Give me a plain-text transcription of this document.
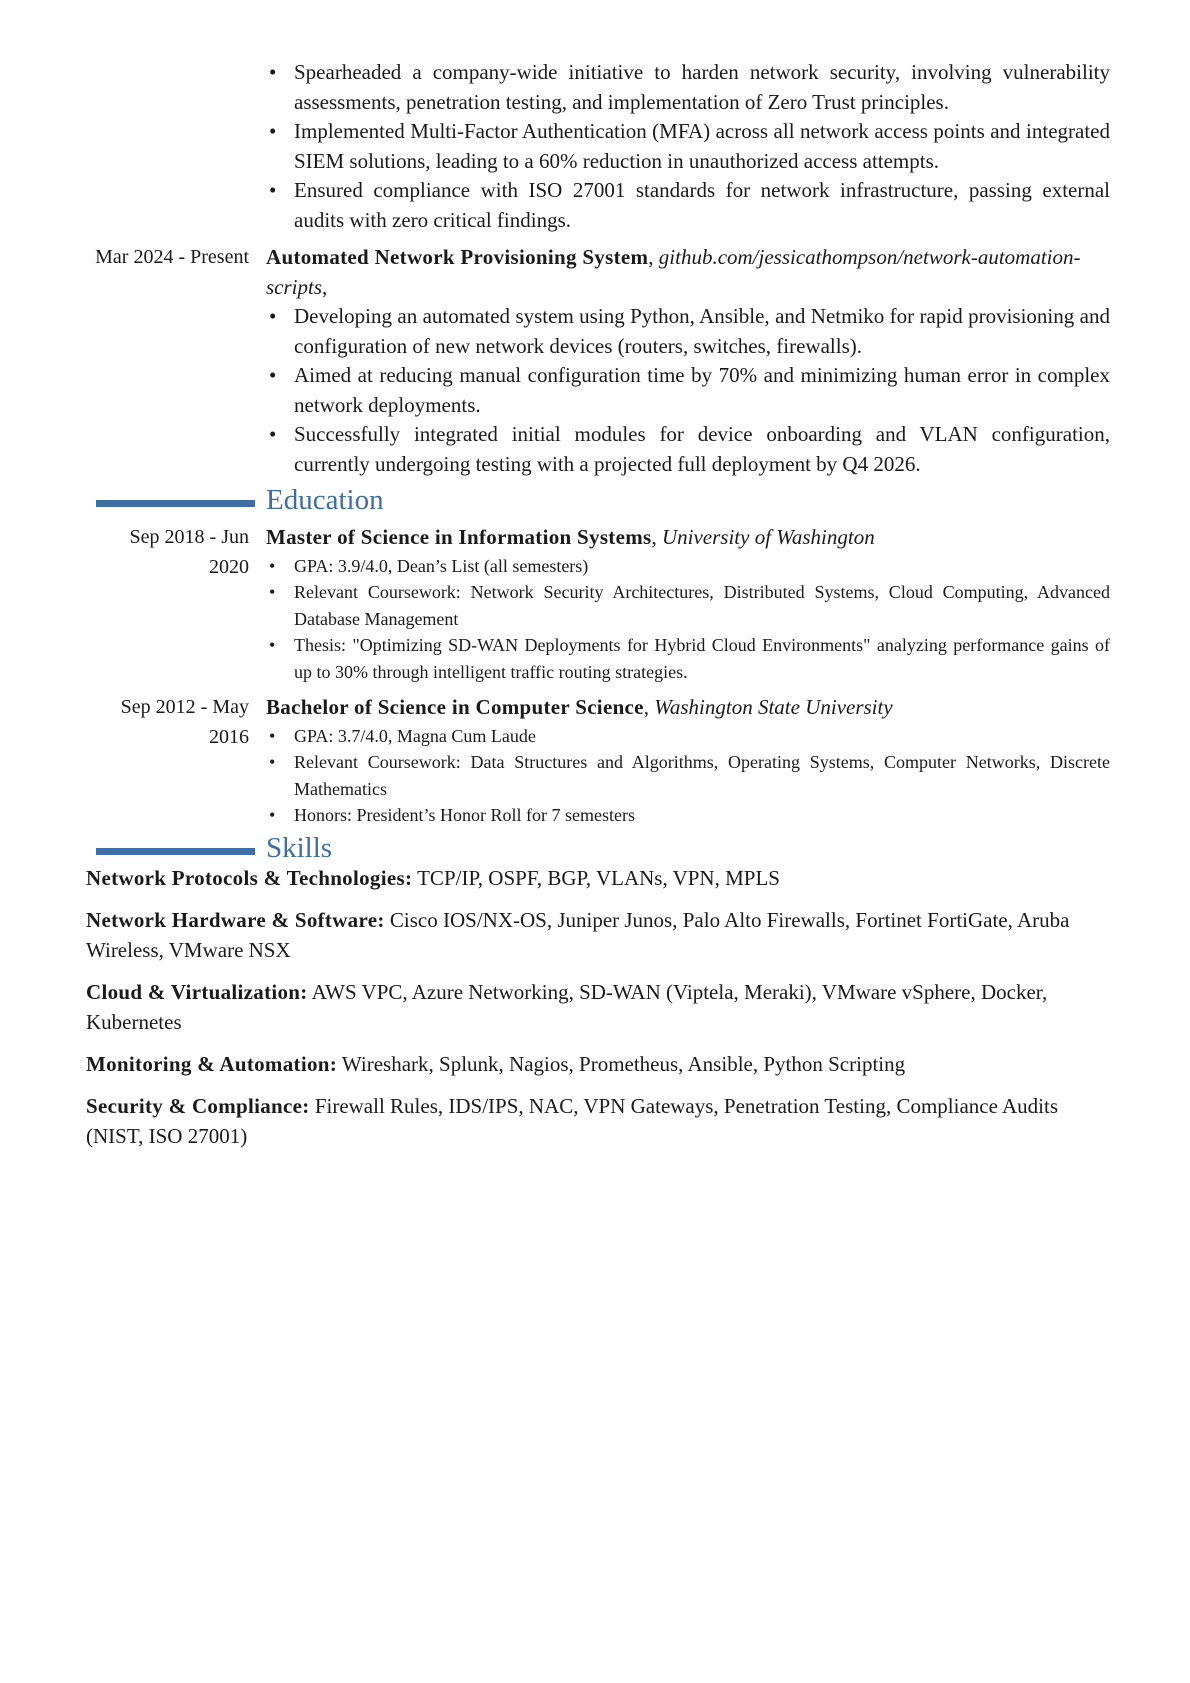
• Spearheaded a company-wide initiative to harden network security, involving vulnerability assessments, penetration testing, and implementation of Zero Trust principles.
• Implemented Multi-Factor Authentication (MFA) across all network access points and integrated SIEM solutions, leading to a 60% reduction in unauthorized access attempts.
• Ensured compliance with ISO 27001 standards for network infrastructure, passing external audits with zero critical findings.
Mar 2024 - Present Automated Network Provisioning System, github.com/jessicathompson/network-automation-scripts,
• Developing an automated system using Python, Ansible, and Netmiko for rapid provisioning and configuration of new network devices (routers, switches, firewalls).
• Aimed at reducing manual configuration time by 70% and minimizing human error in complex network deployments.
• Successfully integrated initial modules for device onboarding and VLAN configuration, currently undergoing testing with a projected full deployment by Q4 2026.
Education
Sep 2018 - Jun 2020
Master of Science in Information Systems, University of Washington
• GPA: 3.9/4.0, Dean’s List (all semesters)
• Relevant Coursework: Network Security Architectures, Distributed Systems, Cloud Computing, Advanced Database Management
• Thesis: "Optimizing SD-WAN Deployments for Hybrid Cloud Environments" analyzing performance gains of up to 30% through intelligent traffic routing strategies.
Sep 2012 - May 2016
Bachelor of Science in Computer Science, Washington State University
• GPA: 3.7/4.0, Magna Cum Laude
• Relevant Coursework: Data Structures and Algorithms, Operating Systems, Computer Networks, Discrete Mathematics
• Honors: President’s Honor Roll for 7 semesters
Skills
Network Protocols & Technologies: TCP/IP, OSPF, BGP, VLANs, VPN, MPLS
Network Hardware & Software: Cisco IOS/NX-OS, Juniper Junos, Palo Alto Firewalls, Fortinet FortiGate, Aruba Wireless, VMware NSX
Cloud & Virtualization: AWS VPC, Azure Networking, SD-WAN (Viptela, Meraki), VMware vSphere, Docker, Kubernetes
Monitoring & Automation: Wireshark, Splunk, Nagios, Prometheus, Ansible, Python Scripting
Security & Compliance: Firewall Rules, IDS/IPS, NAC, VPN Gateways, Penetration Testing, Compliance Audits (NIST, ISO 27001)
